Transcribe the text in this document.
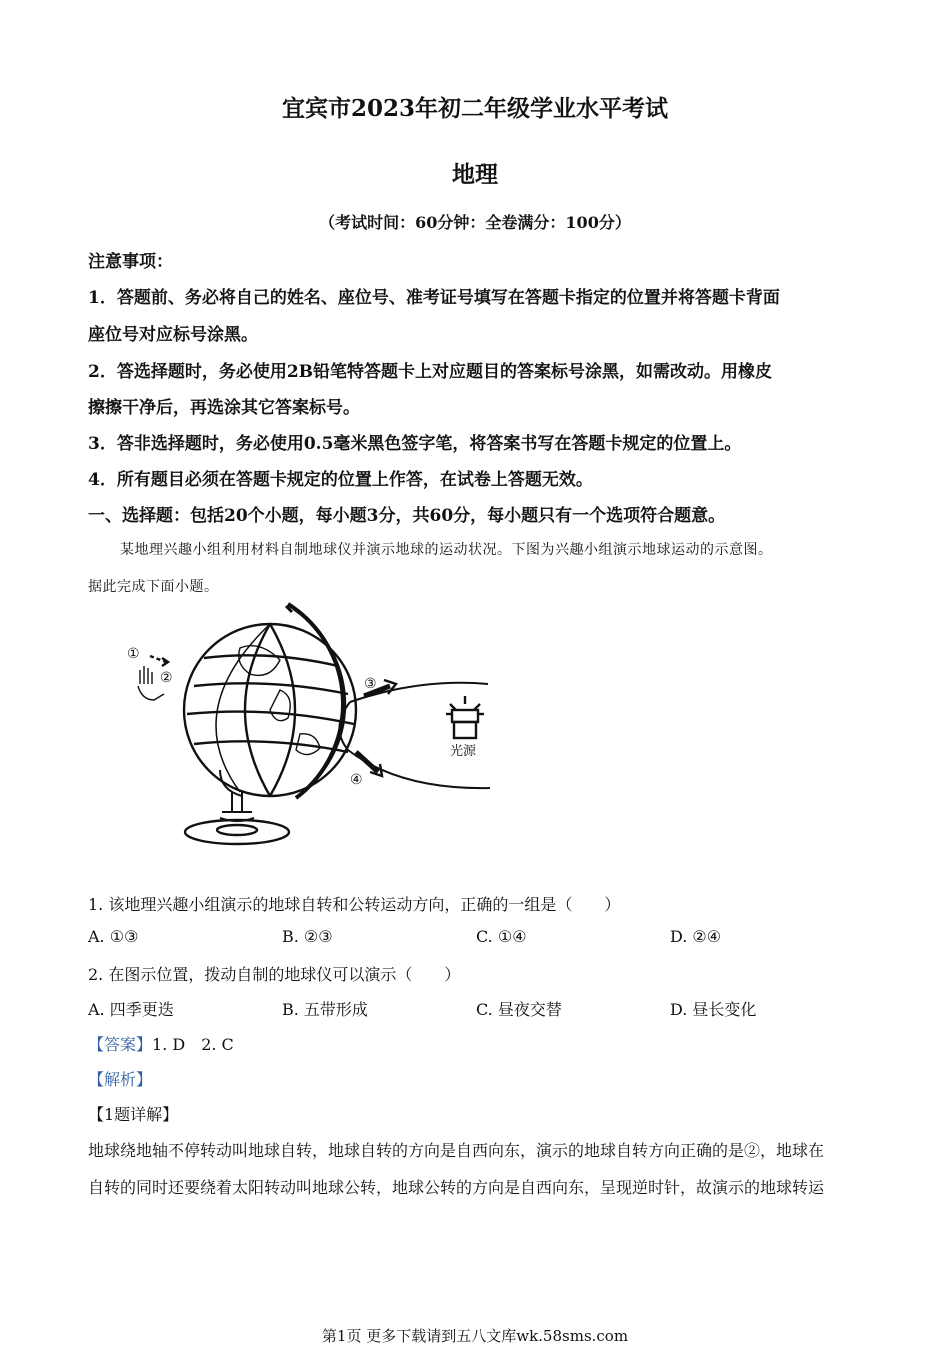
宜宾市2023年初二年级学业水平考试
地理
（考试时间：60分钟：全卷满分：100分）
注意事项：
1．答题前、务必将自己的姓名、座位号、准考证号填写在答题卡指定的位置并将答题卡背面
座位号对应标号涂黑。
2．答选择题时，务必使用2B铅笔特答题卡上对应题目的答案标号涂黑，如需改动。用橡皮
擦擦干净后，再选涂其它答案标号。
3．答非选择题时，务必使用0.5毫米黑色签字笔，将答案书写在答题卡规定的位置上。
4．所有题目必须在答题卡规定的位置上作答，在试卷上答题无效。
一、选择题：包括20个小题，每小题3分，共60分，每小题只有一个选项符合题意。
某地理兴趣小组利用材料自制地球仪并演示地球的运动状况。下图为兴趣小组演示地球运动的示意图。
据此完成下面小题。
①
②	③
④
光源
1. 该地理兴趣小组演示的地球自转和公转运动方向，正确的一组是（　　）
A. ①③	B. ②③	C. ①④	D. ②④
2. 在图示位置，拨动自制的地球仪可以演示（　　）
A. 四季更迭	B. 五带形成	C. 昼夜交替	D. 昼长变化
【答案】1. D　2. C
【解析】
【1题详解】
地球绕地轴不停转动叫地球自转，地球自转的方向是自西向东，演示的地球自转方向正确的是②，地球在
自转的同时还要绕着太阳转动叫地球公转，地球公转的方向是自西向东，呈现逆时针，故演示的地球转运
第1页 更多下载请到五八文库wk.58sms.com
